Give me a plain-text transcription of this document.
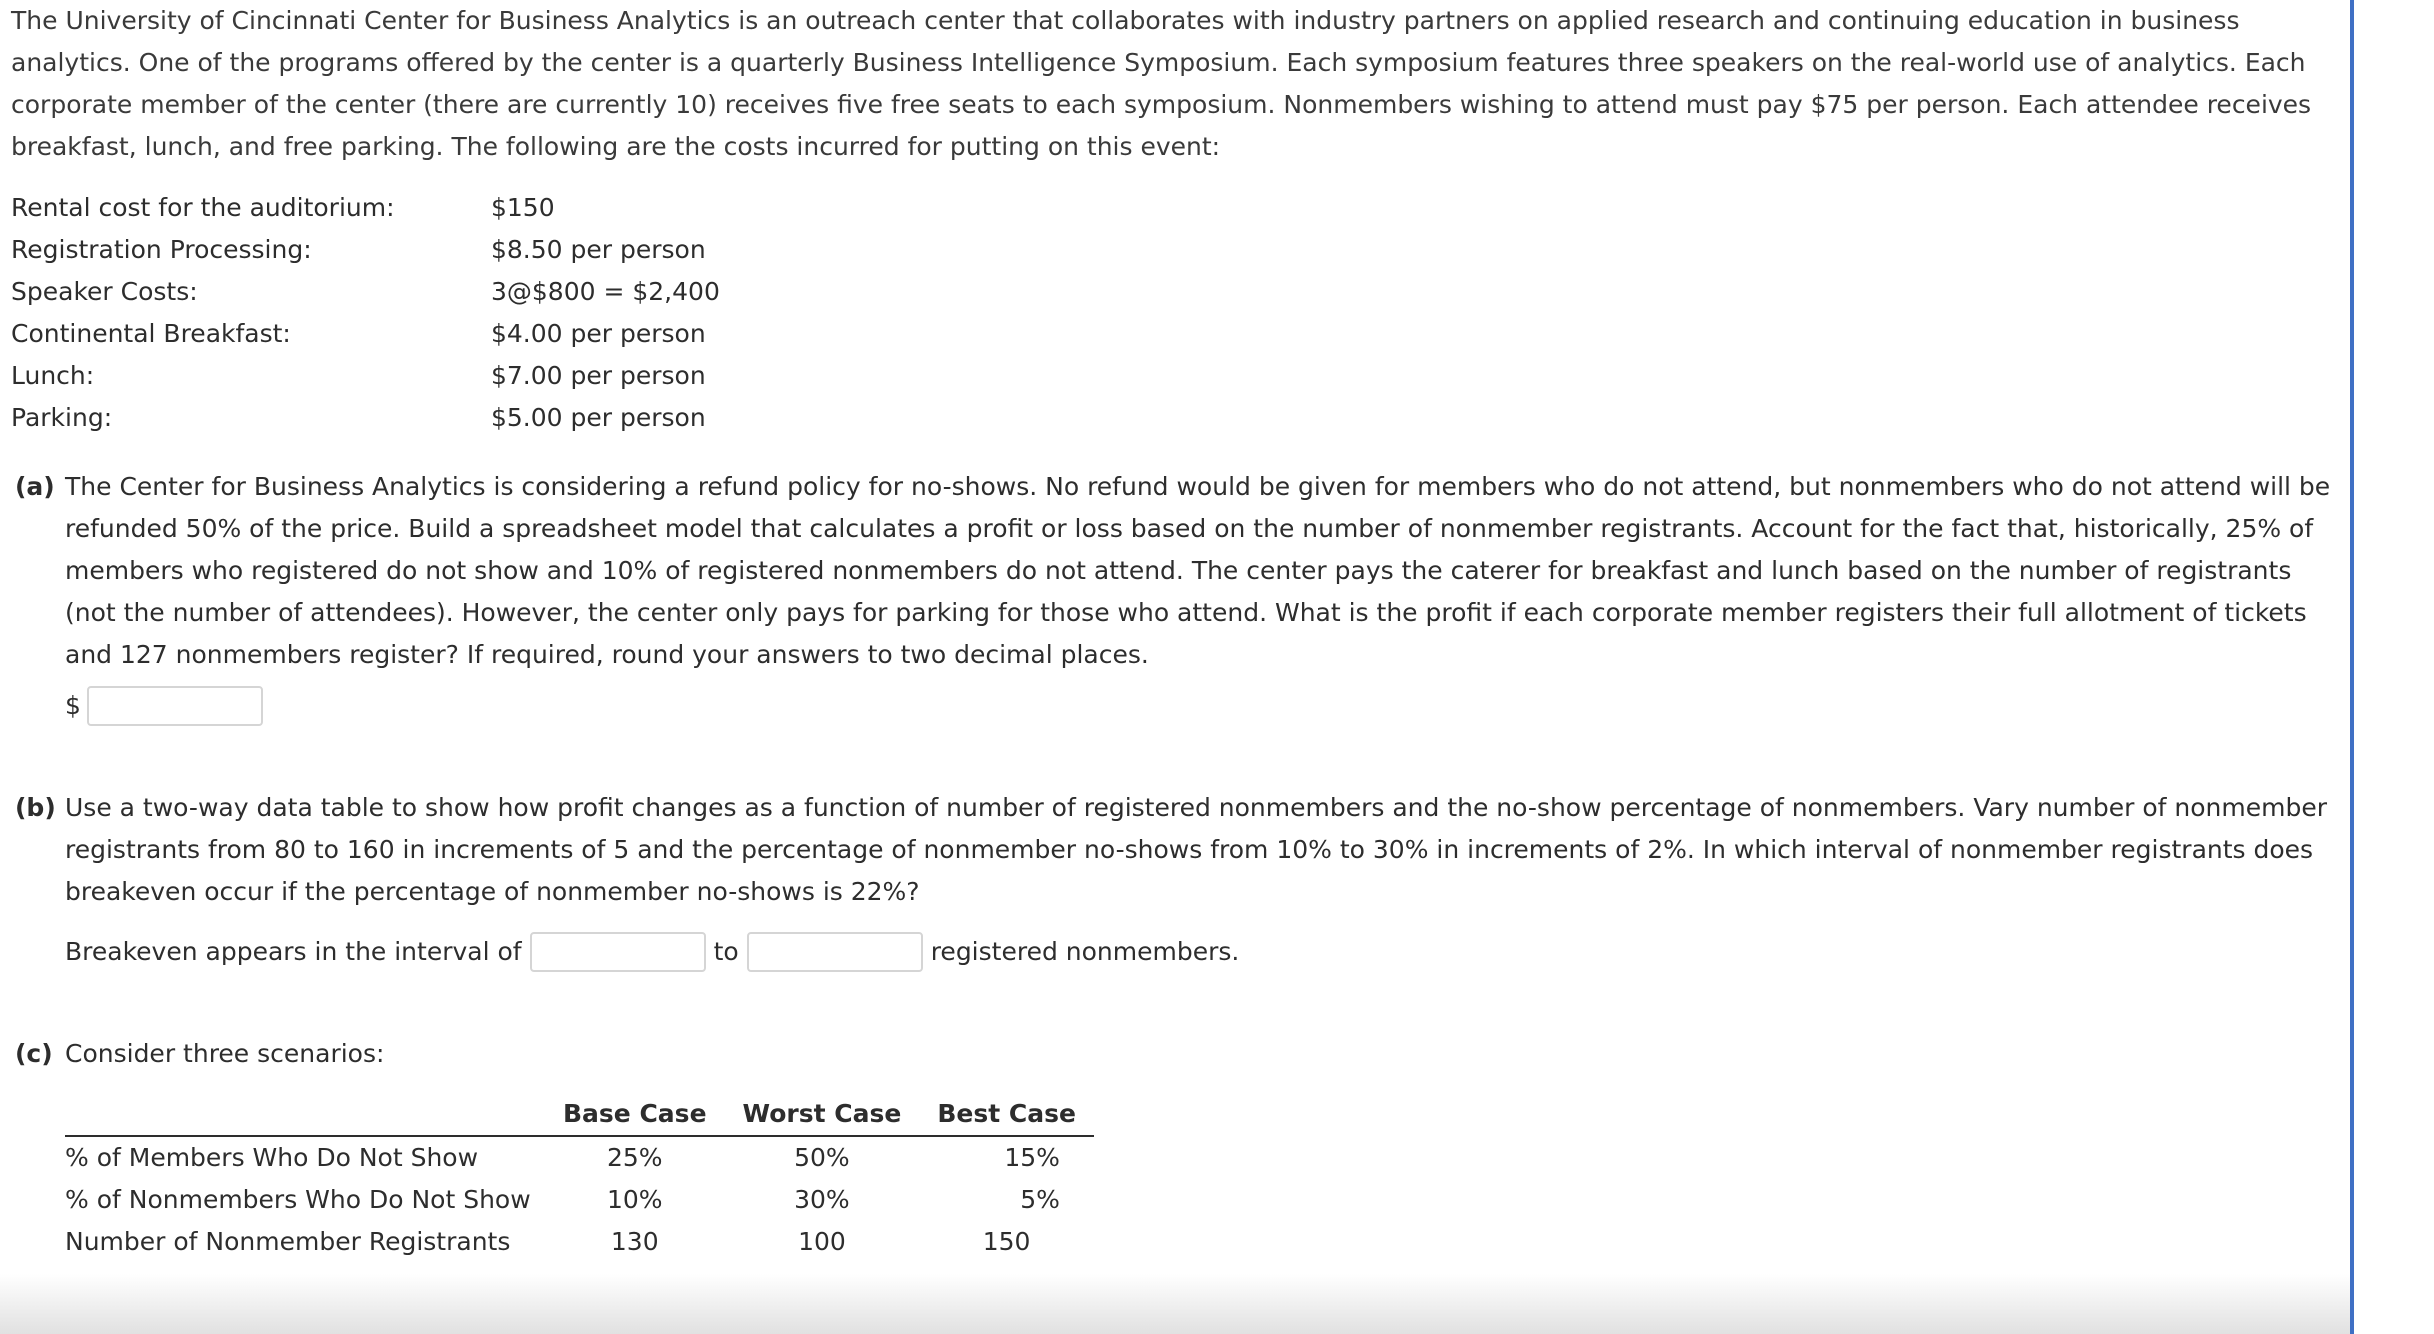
The University of Cincinnati Center for Business Analytics is an outreach center that collaborates with industry partners on applied research and continuing education in business analytics. One of the programs offered by the center is a quarterly Business Intelligence Symposium. Each symposium features three speakers on the real-world use of analytics. Each corporate member of the center (there are currently 10) receives five free seats to each symposium. Nonmembers wishing to attend must pay $75 per person. Each attendee receives breakfast, lunch, and free parking. The following are the costs incurred for putting on this event:

Rental cost for the auditorium:	$150
Registration Processing:	$8.50 per person
Speaker Costs:	3@$800 = $2,400
Continental Breakfast:	$4.00 per person
Lunch:	$7.00 per person
Parking:	$5.00 per person
(a) The Center for Business Analytics is considering a refund policy for no-shows. No refund would be given for members who do not attend, but nonmembers who do not attend will be refunded 50% of the price. Build a spreadsheet model that calculates a profit or loss based on the number of nonmember registrants. Account for the fact that, historically, 25% of members who registered do not show and 10% of registered nonmembers do not attend. The center pays the caterer for breakfast and lunch based on the number of registrants (not the number of attendees). However, the center only pays for parking for those who attend. What is the profit if each corporate member registers their full allotment of tickets and 127 nonmembers register? If required, round your answers to two decimal places.
$
(b) Use a two-way data table to show how profit changes as a function of number of registered nonmembers and the no-show percentage of nonmembers. Vary number of nonmember registrants from 80 to 160 in increments of 5 and the percentage of nonmember no-shows from 10% to 30% in increments of 2%. In which interval of nonmember registrants does breakeven occur if the percentage of nonmember no-shows is 22%?
Breakeven appears in the interval of	to	registered nonmembers.
(c) Consider three scenarios:
	Base Case	Worst Case	Best Case
% of Members Who Do Not Show	25%	50%	15%
% of Nonmembers Who Do Not Show	10%	30%	5%
Number of Nonmember Registrants	130	100	150
